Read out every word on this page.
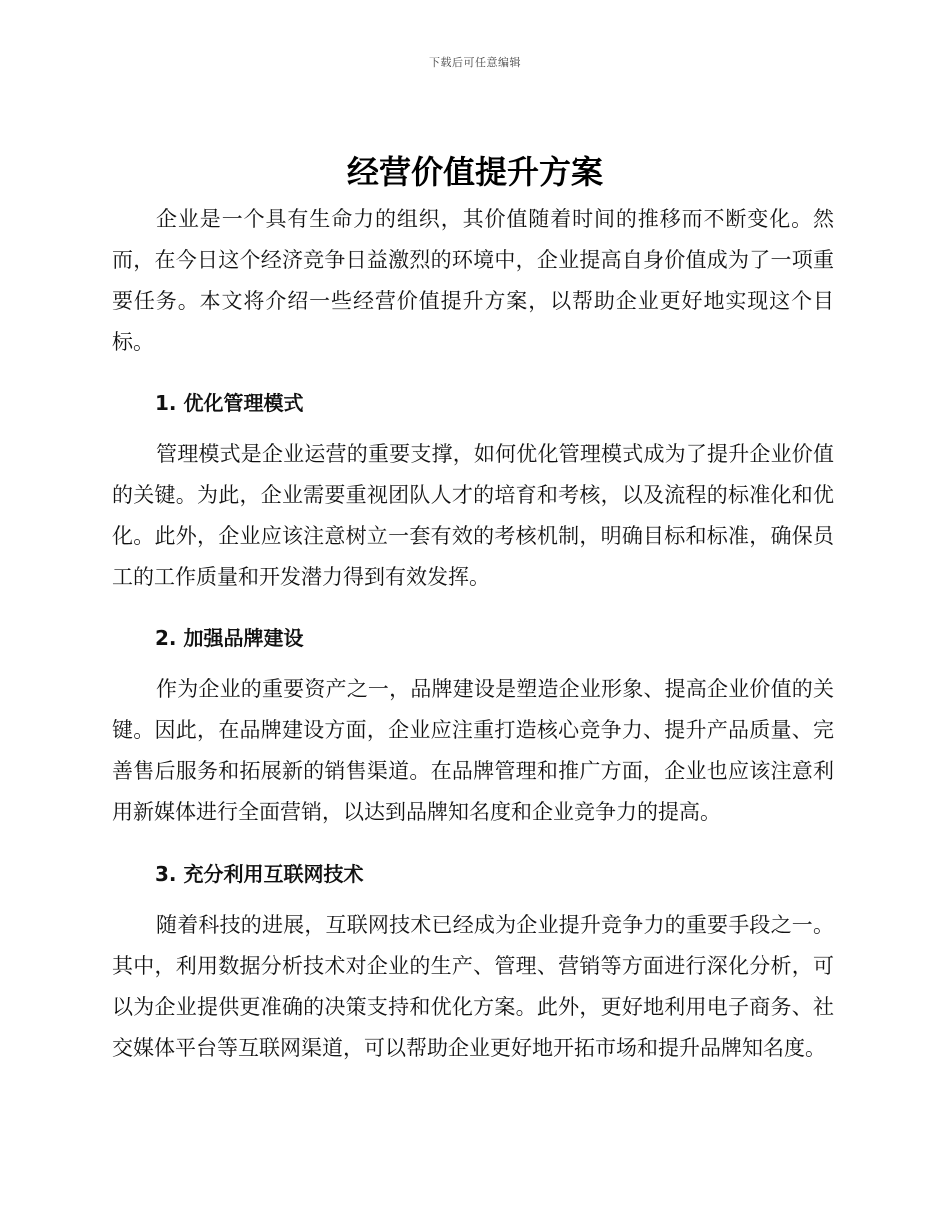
下载后可任意编辑
经营价值提升方案

企业是一个具有生命力的组织，其价值随着时间的推移而不断变化。然而，在今日这个经济竞争日益激烈的环境中，企业提高自身价值成为了一项重要任务。本文将介绍一些经营价值提升方案，以帮助企业更好地实现这个目标。

1. 优化管理模式

管理模式是企业运营的重要支撑，如何优化管理模式成为了提升企业价值的关键。为此，企业需要重视团队人才的培育和考核，以及流程的标准化和优化。此外，企业应该注意树立一套有效的考核机制，明确目标和标准，确保员工的工作质量和开发潜力得到有效发挥。

2. 加强品牌建设

作为企业的重要资产之一，品牌建设是塑造企业形象、提高企业价值的关键。因此，在品牌建设方面，企业应注重打造核心竞争力、提升产品质量、完善售后服务和拓展新的销售渠道。在品牌管理和推广方面，企业也应该注意利用新媒体进行全面营销，以达到品牌知名度和企业竞争力的提高。

3. 充分利用互联网技术

随着科技的进展，互联网技术已经成为企业提升竞争力的重要手段之一。其中，利用数据分析技术对企业的生产、管理、营销等方面进行深化分析，可以为企业提供更准确的决策支持和优化方案。此外，更好地利用电子商务、社交媒体平台等互联网渠道，可以帮助企业更好地开拓市场和提升品牌知名度。
